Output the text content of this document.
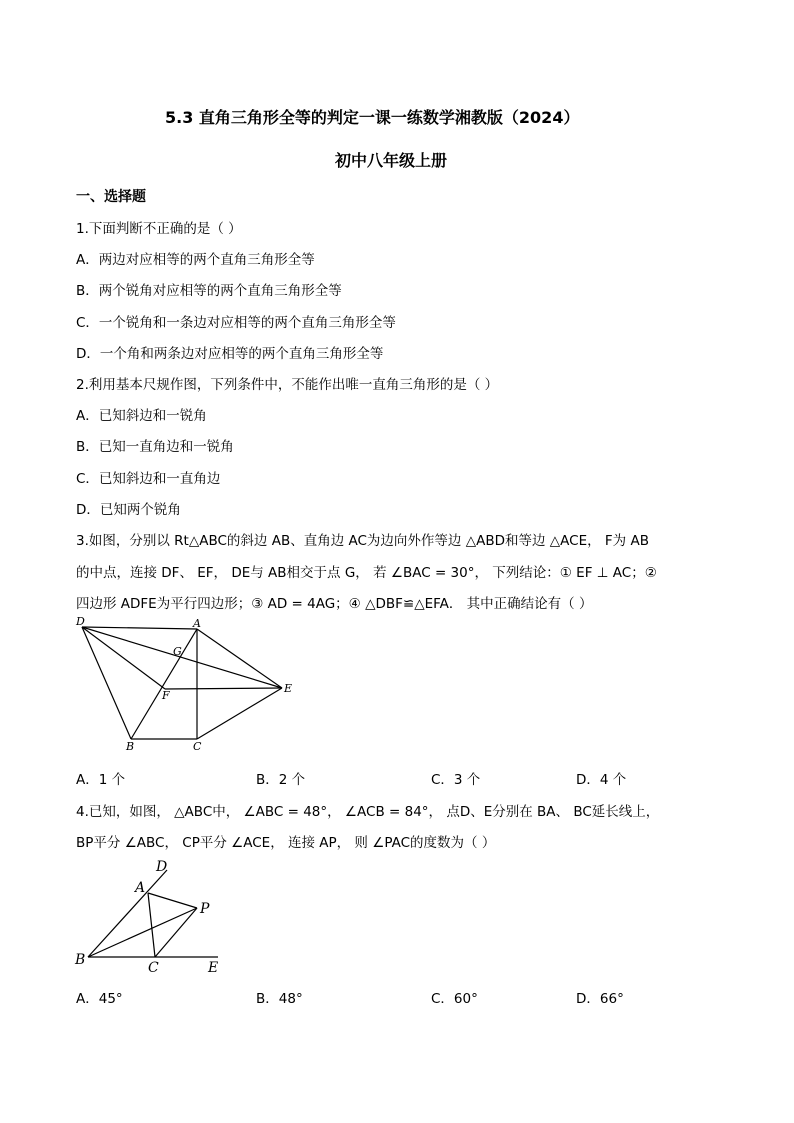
5.3 直角三角形全等的判定一课一练数学湘教版（2024）
初中八年级上册
一、选择题
1.下面判断不正确的是（ ）
A．两边对应相等的两个直角三角形全等
B．两个锐角对应相等的两个直角三角形全等
C．一个锐角和一条边对应相等的两个直角三角形全等
D．一个角和两条边对应相等的两个直角三角形全等
2.利用基本尺规作图，下列条件中，不能作出唯一直角三角形的是（ ）
A．已知斜边和一锐角
B．已知一直角边和一锐角
C．已知斜边和一直角边
D．已知两个锐角
3.如图，分别以 Rt△ABC的斜边 AB、直角边 AC为边向外作等边 △ABD和等边 △ACE， F为 AB
的中点，连接 DF、 EF， DE与 AB相交于点 G， 若 ∠BAC = 30°， 下列结论：① EF ⊥ AC；②
四边形 ADFE为平行四边形；③ AD = 4AG；④ △DBF≌△EFA． 其中正确结论有（ ）
D	A
G
E
F
B	C
A．1 个	B．2 个	C．3 个	D．4 个
4.已知，如图， △ABC中， ∠ABC = 48°， ∠ACB = 84°， 点D、E分别在 BA、 BC延长线上，
BP平分 ∠ABC， CP平分 ∠ACE， 连接 AP， 则 ∠PAC的度数为（ ）
D
A
P
B	C	E
A．45°	B．48°	C．60°	D．66°
